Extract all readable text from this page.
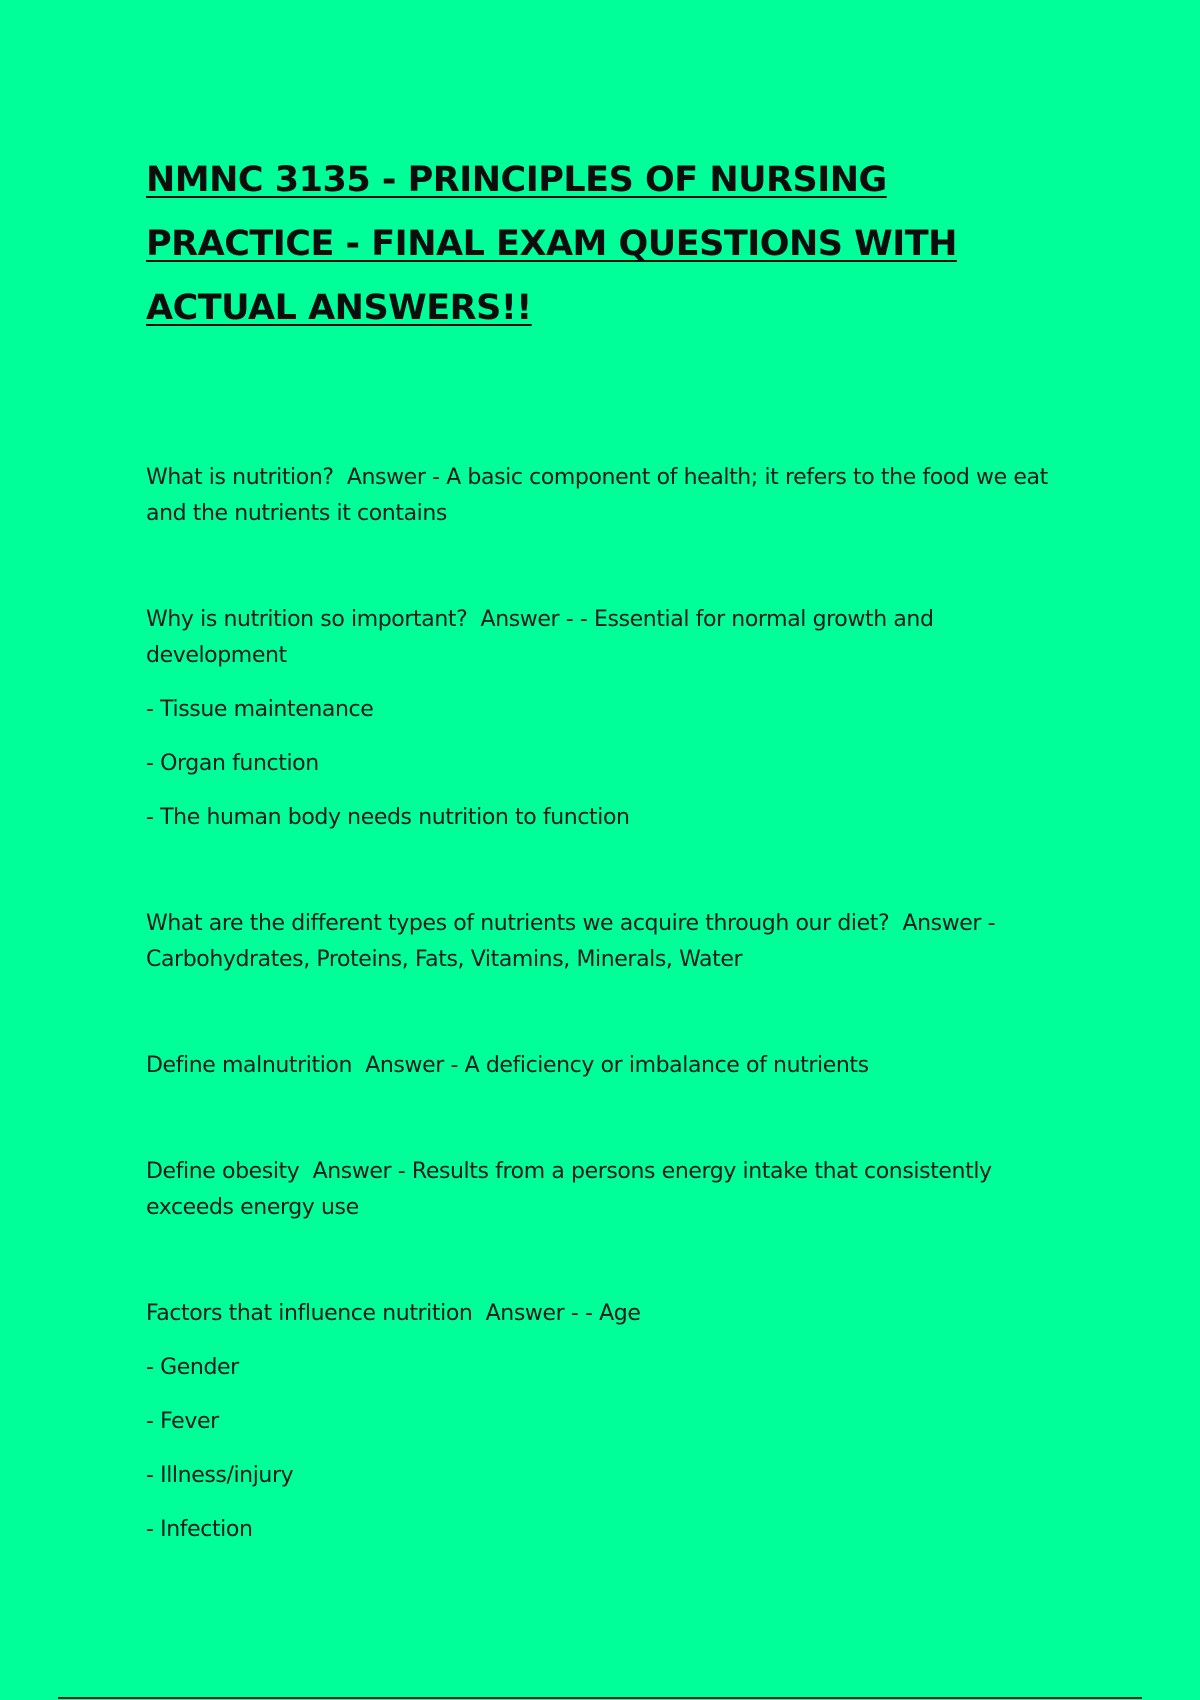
NMNC 3135 - PRINCIPLES OF NURSING
PRACTICE - FINAL EXAM QUESTIONS WITH
ACTUAL ANSWERS!!
What is nutrition?  Answer - A basic component of health; it refers to the food we eat and the nutrients it contains
Why is nutrition so important?  Answer - - Essential for normal growth and development
- Tissue maintenance
- Organ function
- The human body needs nutrition to function
What are the different types of nutrients we acquire through our diet?  Answer - Carbohydrates, Proteins, Fats, Vitamins, Minerals, Water
Define malnutrition  Answer - A deficiency or imbalance of nutrients
Define obesity  Answer - Results from a persons energy intake that consistently exceeds energy use
Factors that influence nutrition  Answer - - Age
- Gender
- Fever
- Illness/injury
- Infection
